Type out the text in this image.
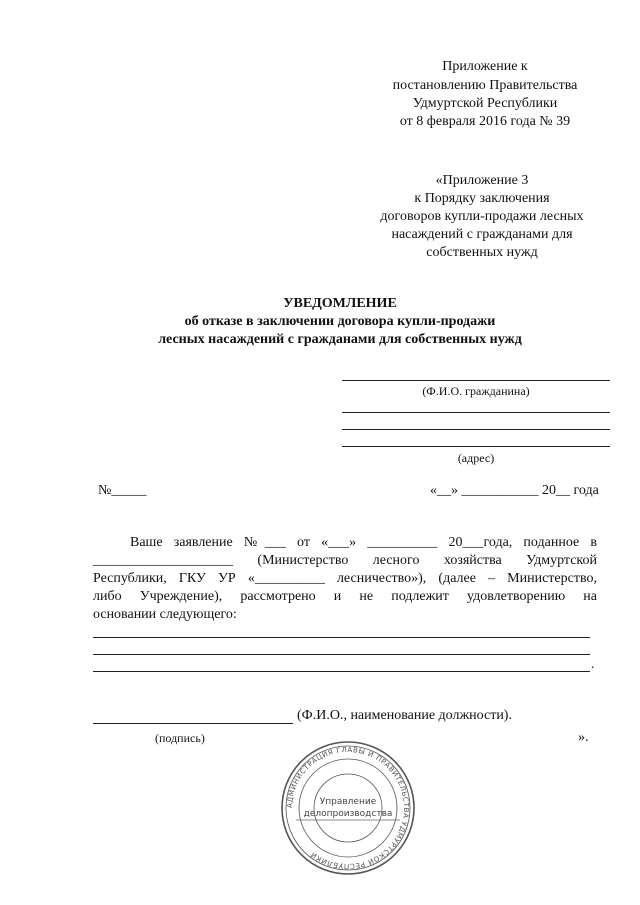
Приложение к
постановлению Правительства
Удмуртской Республики
от 8 февраля 2016 года № 39
«Приложение 3
к Порядку заключения
договоров купли-продажи лесных
насаждений с гражданами для
собственных нужд
УВЕДОМЛЕНИЕ
об отказе в заключении договора купли-продажи
лесных насаждений с гражданами для собственных нужд
(Ф.И.О. гражданина)
(адрес)
№_____	«__» ___________ 20__ года
Ваше заявление №___ от «___» __________ 20___года, поданное в
____________________ (Министерство лесного хозяйства Удмуртской
Республики, ГКУ УР «__________ лесничество»), (далее – Министерство,
либо Учреждение), рассмотрено и не подлежит удовлетворению на
основании следующего:
.
(Ф.И.О., наименование должности).
(подпись)	».
АДМИНИСТРАЦИЯ ГЛАВЫ И ПРАВИТЕЛЬСТВА УДМУРТСКОЙ РЕСПУБЛИКИ
Управление
делопроизводства
